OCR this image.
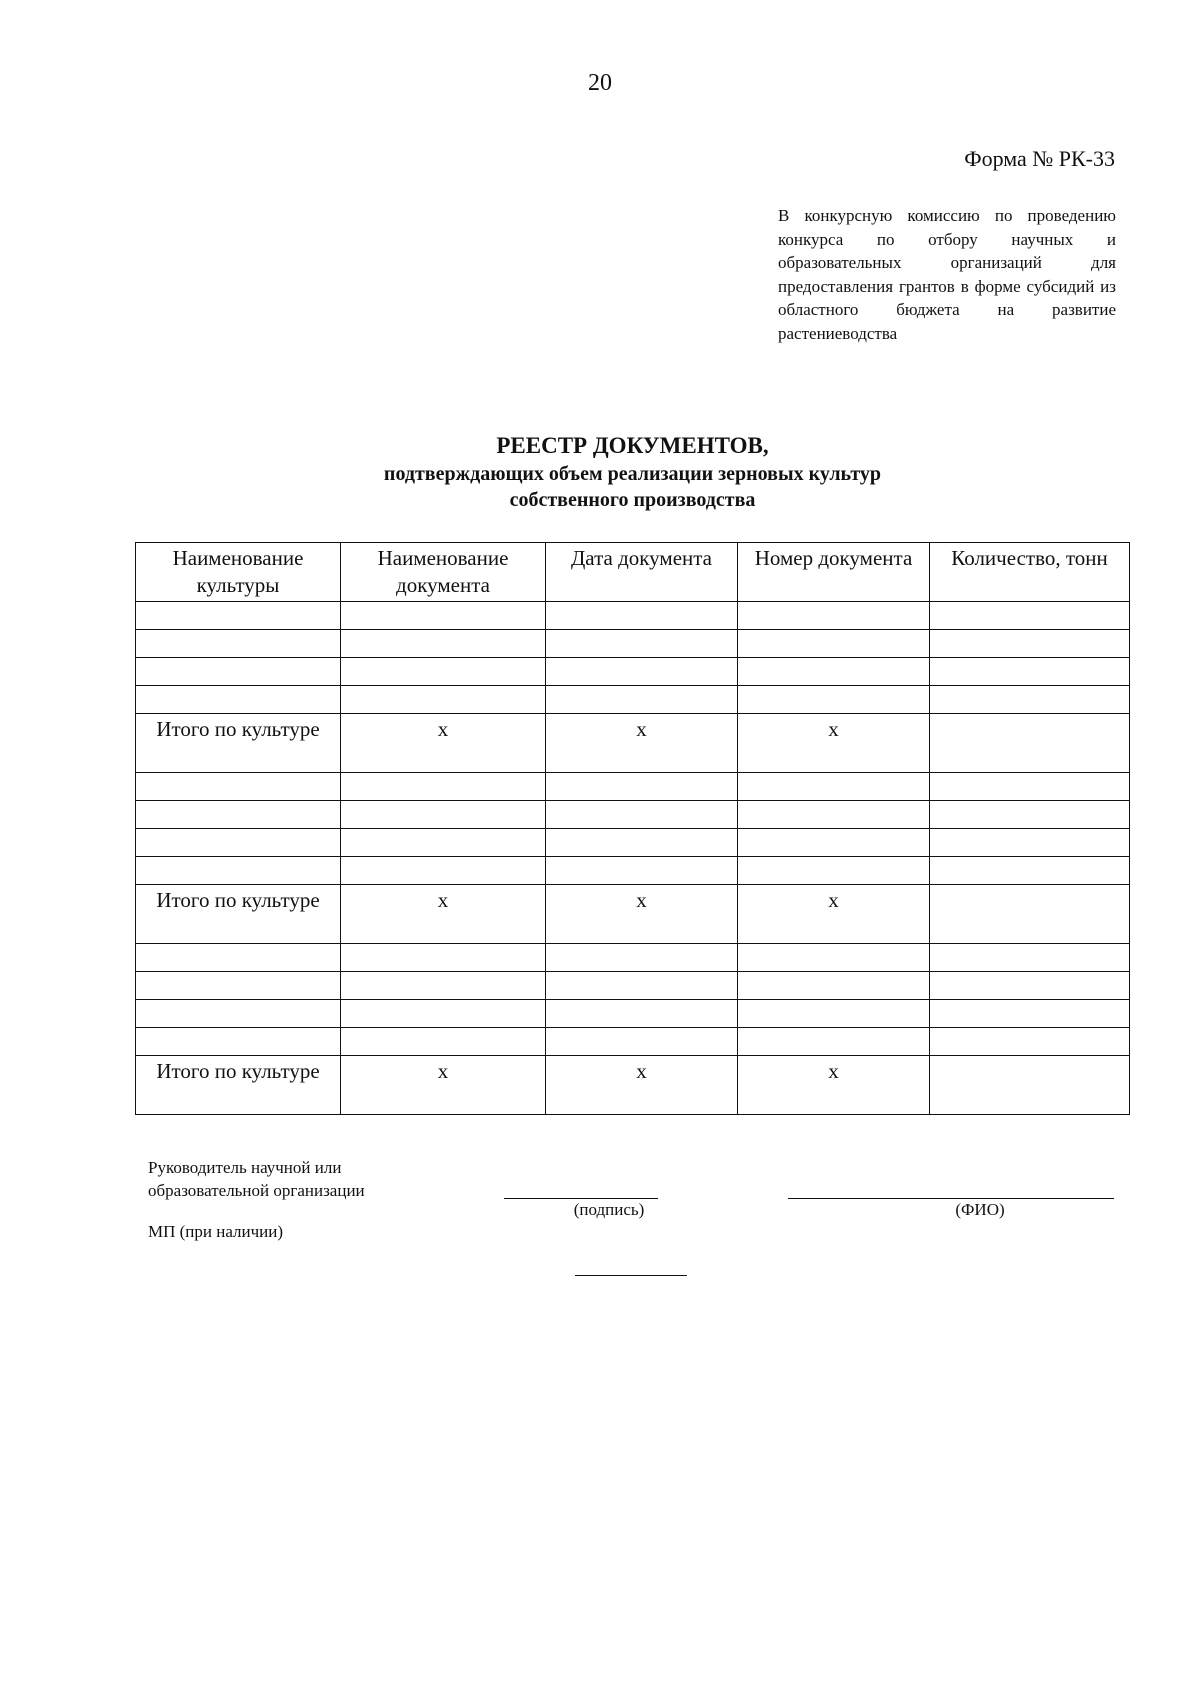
20
Форма № РК-33
В конкурсную комиссию по проведению конкурса по отбору научных и образовательных организаций для предоставления грантов в форме субсидий из областного бюджета на развитие растениеводства
РЕЕСТР ДОКУМЕНТОВ,
подтверждающих объем реализации зерновых культур собственного производства
Наименование культуры	Наименование документа	Дата документа	Номер документа	Количество, тонн

Итого по культуре	х	х	х	

Итого по культуре	х	х	х	

Итого по культуре	х	х	х	
Руководитель научной или образовательной организации
(подпись)	(ФИО)
МП (при наличии)
